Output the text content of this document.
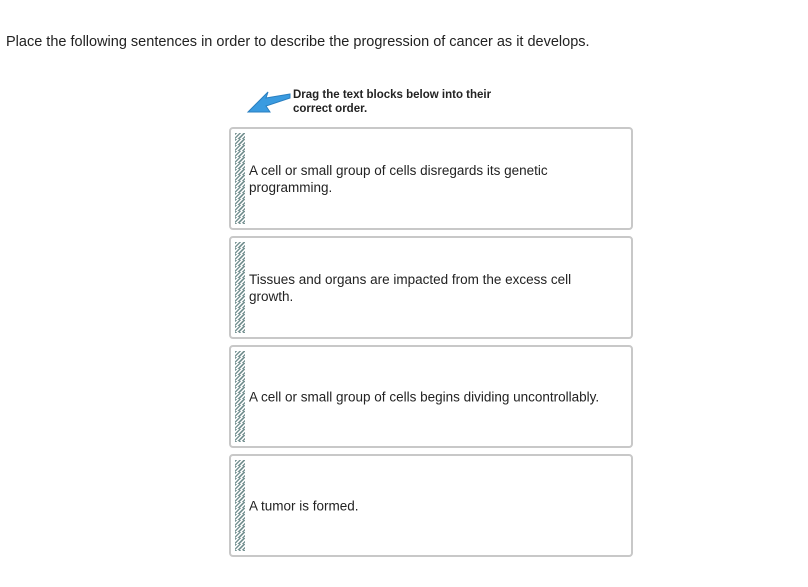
Place the following sentences in order to describe the progression of cancer as it develops.
Drag the text blocks below into their correct order.
A cell or small group of cells disregards its genetic programming.
Tissues and organs are impacted from the excess cell growth.
A cell or small group of cells begins dividing uncontrollably.
A tumor is formed.
